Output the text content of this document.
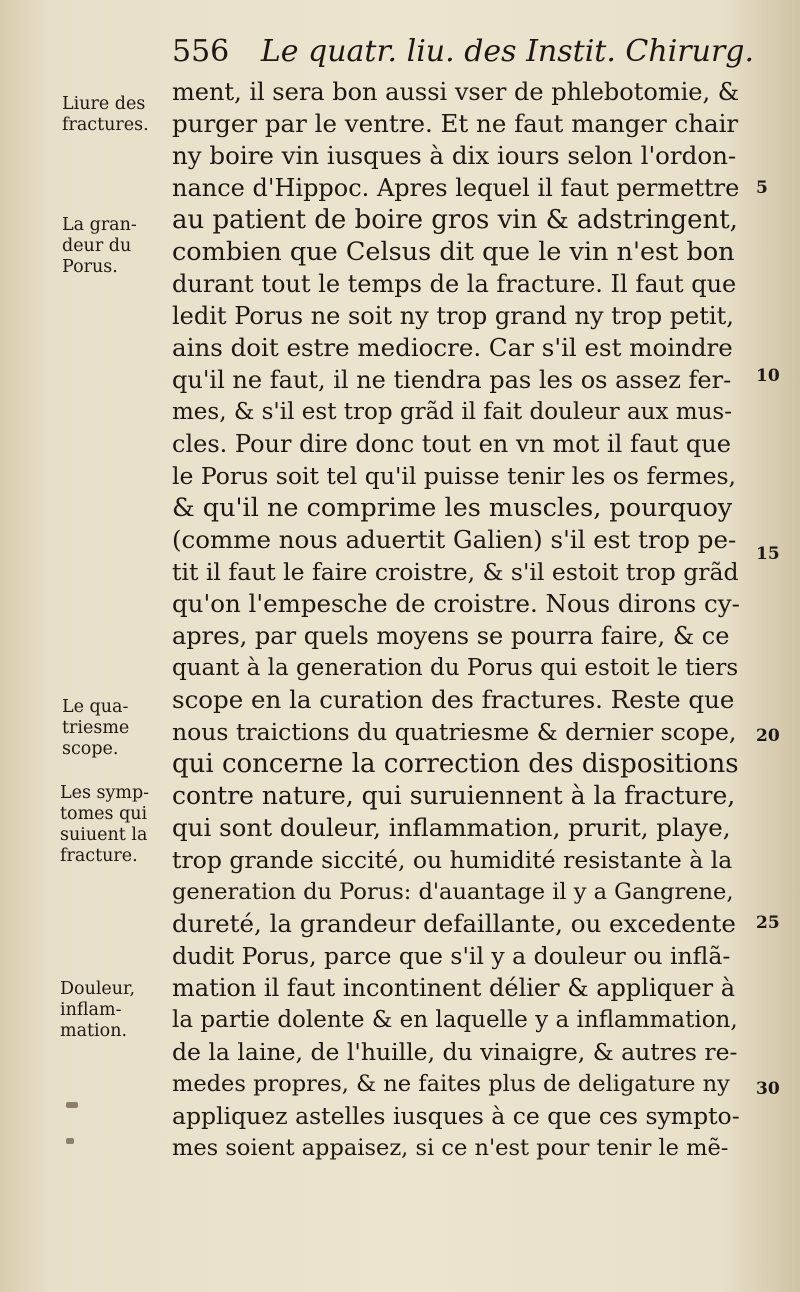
556 Le quatr. liu. des Instit. Chirurg.
Liure des
fractures.
La gran-
deur du
Porus.
Le qua-
triesme
scope.
Les symp-
tomes qui
suiuent la
fracture.
Douleur,
inflam-
mation.
5
10
15
20
25
30
ment, il sera bon aussi vser de phlebotomie, &
purger par le ventre. Et ne faut manger chair
ny boire vin iusques à dix iours selon l'ordon-
nance d'Hippoc. Apres lequel il faut permettre
au patient de boire gros vin & adstringent,
combien que Celsus dit que le vin n'est bon
durant tout le temps de la fracture. Il faut que
ledit Porus ne soit ny trop grand ny trop petit,
ains doit estre mediocre. Car s'il est moindre
qu'il ne faut, il ne tiendra pas les os assez fer-
mes, & s'il est trop grãd il fait douleur aux mus-
cles. Pour dire donc tout en vn mot il faut que
le Porus soit tel qu'il puisse tenir les os fermes,
& qu'il ne comprime les muscles, pourquoy
(comme nous aduertit Galien) s'il est trop pe-
tit il faut le faire croistre, & s'il estoit trop grãd
qu'on l'empesche de croistre. Nous dirons cy-
apres, par quels moyens se pourra faire, & ce
quant à la generation du Porus qui estoit le tiers
scope en la curation des fractures. Reste que
nous traictions du quatriesme & dernier scope,
qui concerne la correction des dispositions
contre nature, qui suruiennent à la fracture,
qui sont douleur, inflammation, prurit, playe,
trop grande siccité, ou humidité resistante à la
generation du Porus: d'auantage il y a Gangrene,
dureté, la grandeur defaillante, ou excedente
dudit Porus, parce que s'il y a douleur ou inflã-
mation il faut incontinent délier & appliquer à
la partie dolente & en laquelle y a inflammation,
de la laine, de l'huille, du vinaigre, & autres re-
medes propres, & ne faites plus de deligature ny
appliquez astelles iusques à ce que ces sympto-
mes soient appaisez, si ce n'est pour tenir le mẽ-
